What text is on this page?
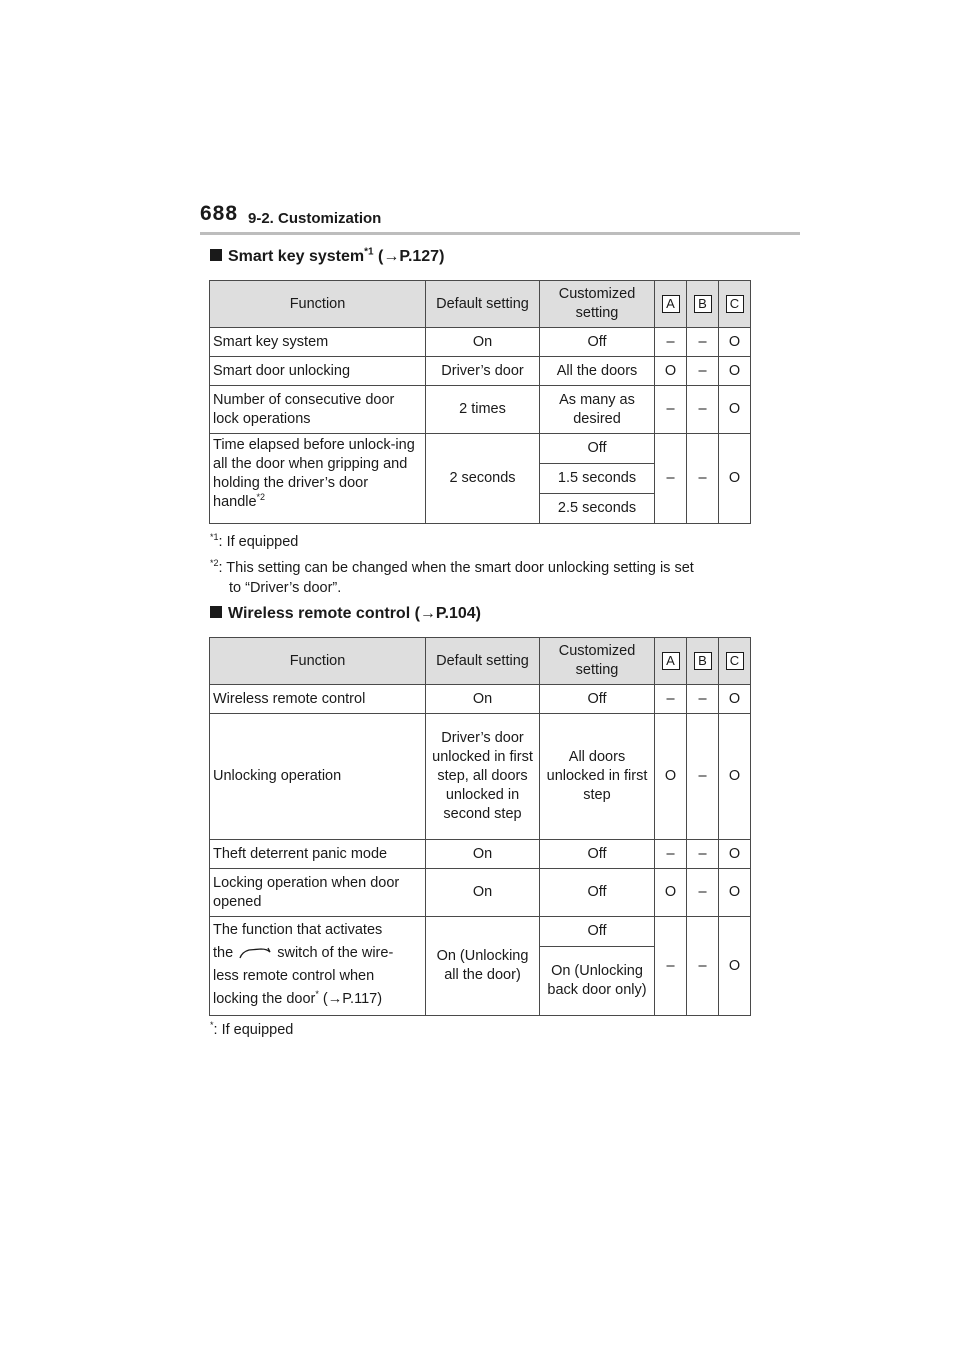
688 9-2. Customization
Smart key system$^{*1}$ (→P.127)
Function	Default setting	Customized setting	A	B	C
Smart key system	On	Off	–	–	O
Smart door unlocking	Driver’s door	All the doors	O	–	O
Number of consecutive door lock operations	2 times	As many as desired	–	–	O
Time elapsed before unlock-ing all the door when gripping and holding the driver’s door handle$^{*2}$	2 seconds	Off	–	–	O
		1.5 seconds			
		2.5 seconds			
$^{*1}$: If equipped
$^{*2}$: This setting can be changed when the smart door unlocking setting is set
to “Driver’s door”.
Wireless remote control (→P.104)
Function	Default setting	Customized setting	A	B	C
Wireless remote control	On	Off	–	–	O
Unlocking operation	Driver’s door unlocked in first step, all doors unlocked in second step	All doors unlocked in first step	O	–	O
Theft deterrent panic mode	On	Off	–	–	O
Locking operation when door opened	On	Off	O	–	O
The function that activates
the switch of the wire-
less remote control when
locking the door* (→P.117)	On (Unlocking all the door)	Off	–	–	O
		On (Unlocking back door only)			
*: If equipped
